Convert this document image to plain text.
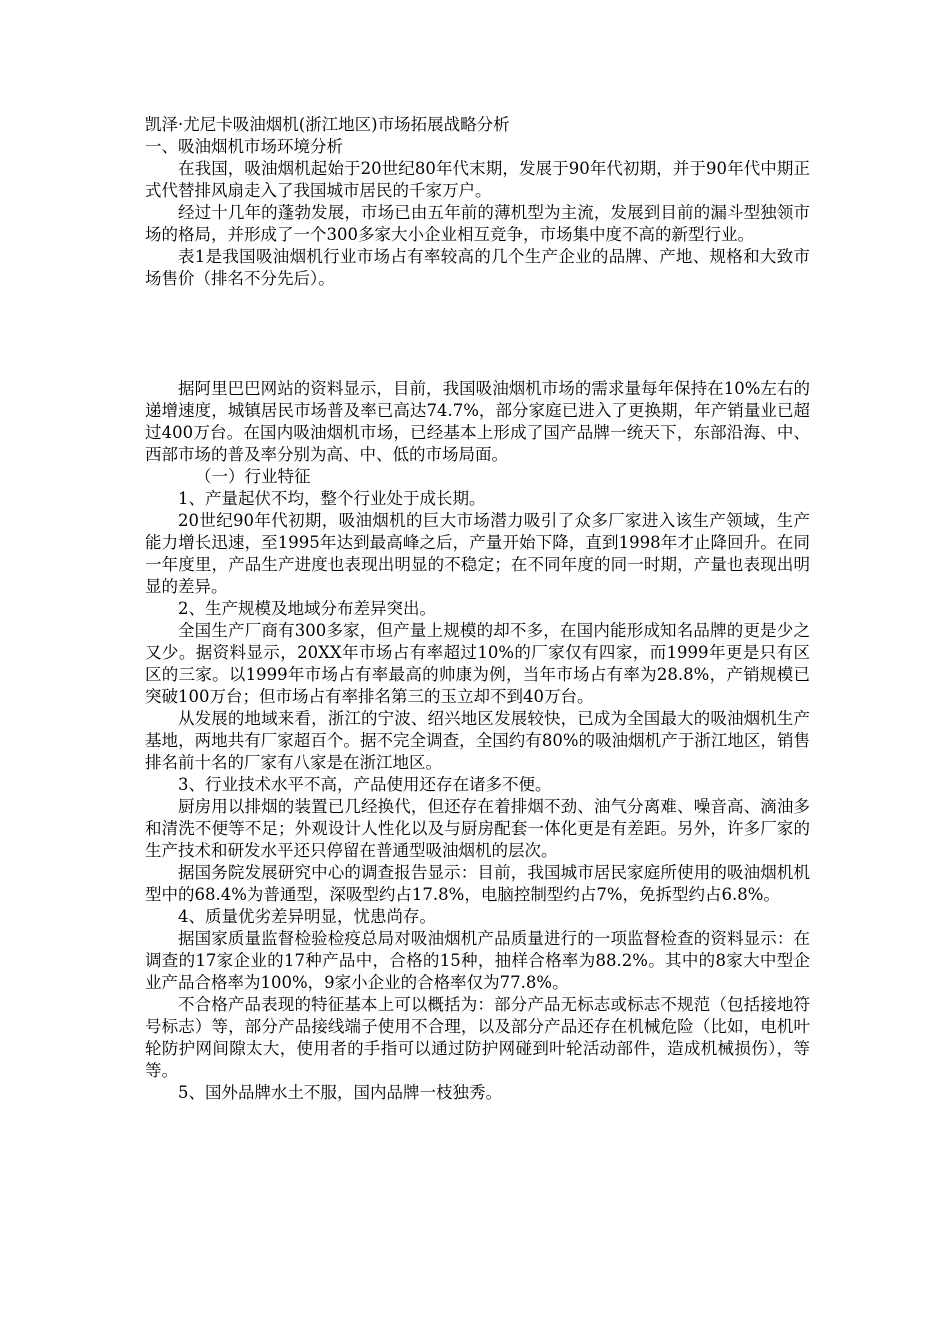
凯泽·尤尼卡吸油烟机(浙江地区)市场拓展战略分析

一、吸油烟机市场环境分析

在我国，吸油烟机起始于20世纪80年代末期，发展于90年代初期，并于90年代中期正式代替排风扇走入了我国城市居民的千家万户。

经过十几年的蓬勃发展，市场已由五年前的薄机型为主流，发展到目前的漏斗型独领市场的格局，并形成了一个300多家大小企业相互竞争，市场集中度不高的新型行业。

表1是我国吸油烟机行业市场占有率较高的几个生产企业的品牌、产地、规格和大致市场售价（排名不分先后）。

据阿里巴巴网站的资料显示，目前，我国吸油烟机市场的需求量每年保持在10%左右的递增速度，城镇居民市场普及率已高达74.7%，部分家庭已进入了更换期，年产销量业已超过400万台。在国内吸油烟机市场，已经基本上形成了国产品牌一统天下，东部沿海、中、西部市场的普及率分别为高、中、低的市场局面。

（一）行业特征

1、产量起伏不均，整个行业处于成长期。

20世纪90年代初期，吸油烟机的巨大市场潜力吸引了众多厂家进入该生产领域，生产能力增长迅速，至1995年达到最高峰之后，产量开始下降，直到1998年才止降回升。在同一年度里，产品生产进度也表现出明显的不稳定；在不同年度的同一时期，产量也表现出明显的差异。

2、生产规模及地域分布差异突出。

全国生产厂商有300多家，但产量上规模的却不多，在国内能形成知名品牌的更是少之又少。据资料显示，20XX年市场占有率超过10%的厂家仅有四家，而1999年更是只有区区的三家。以1999年市场占有率最高的帅康为例，当年市场占有率为28.8%，产销规模已突破100万台；但市场占有率排名第三的玉立却不到40万台。

从发展的地域来看，浙江的宁波、绍兴地区发展较快，已成为全国最大的吸油烟机生产基地，两地共有厂家超百个。据不完全调查，全国约有80%的吸油烟机产于浙江地区，销售排名前十名的厂家有八家是在浙江地区。

3、行业技术水平不高，产品使用还存在诸多不便。

厨房用以排烟的装置已几经换代，但还存在着排烟不劲、油气分离难、噪音高、滴油多和清洗不便等不足；外观设计人性化以及与厨房配套一体化更是有差距。另外，许多厂家的生产技术和研发水平还只停留在普通型吸油烟机的层次。

据国务院发展研究中心的调查报告显示：目前，我国城市居民家庭所使用的吸油烟机机型中的68.4%为普通型，深吸型约占17.8%，电脑控制型约占7%，免拆型约占6.8%。

4、质量优劣差异明显，忧患尚存。

据国家质量监督检验检疫总局对吸油烟机产品质量进行的一项监督检查的资料显示：在调查的17家企业的17种产品中，合格的15种，抽样合格率为88.2%。其中的8家大中型企业产品合格率为100%，9家小企业的合格率仅为77.8%。

不合格产品表现的特征基本上可以概括为：部分产品无标志或标志不规范（包括接地符号标志）等，部分产品接线端子使用不合理，以及部分产品还存在机械危险（比如，电机叶轮防护网间隙太大，使用者的手指可以通过防护网碰到叶轮活动部件，造成机械损伤），等等。

5、国外品牌水土不服，国内品牌一枝独秀。
